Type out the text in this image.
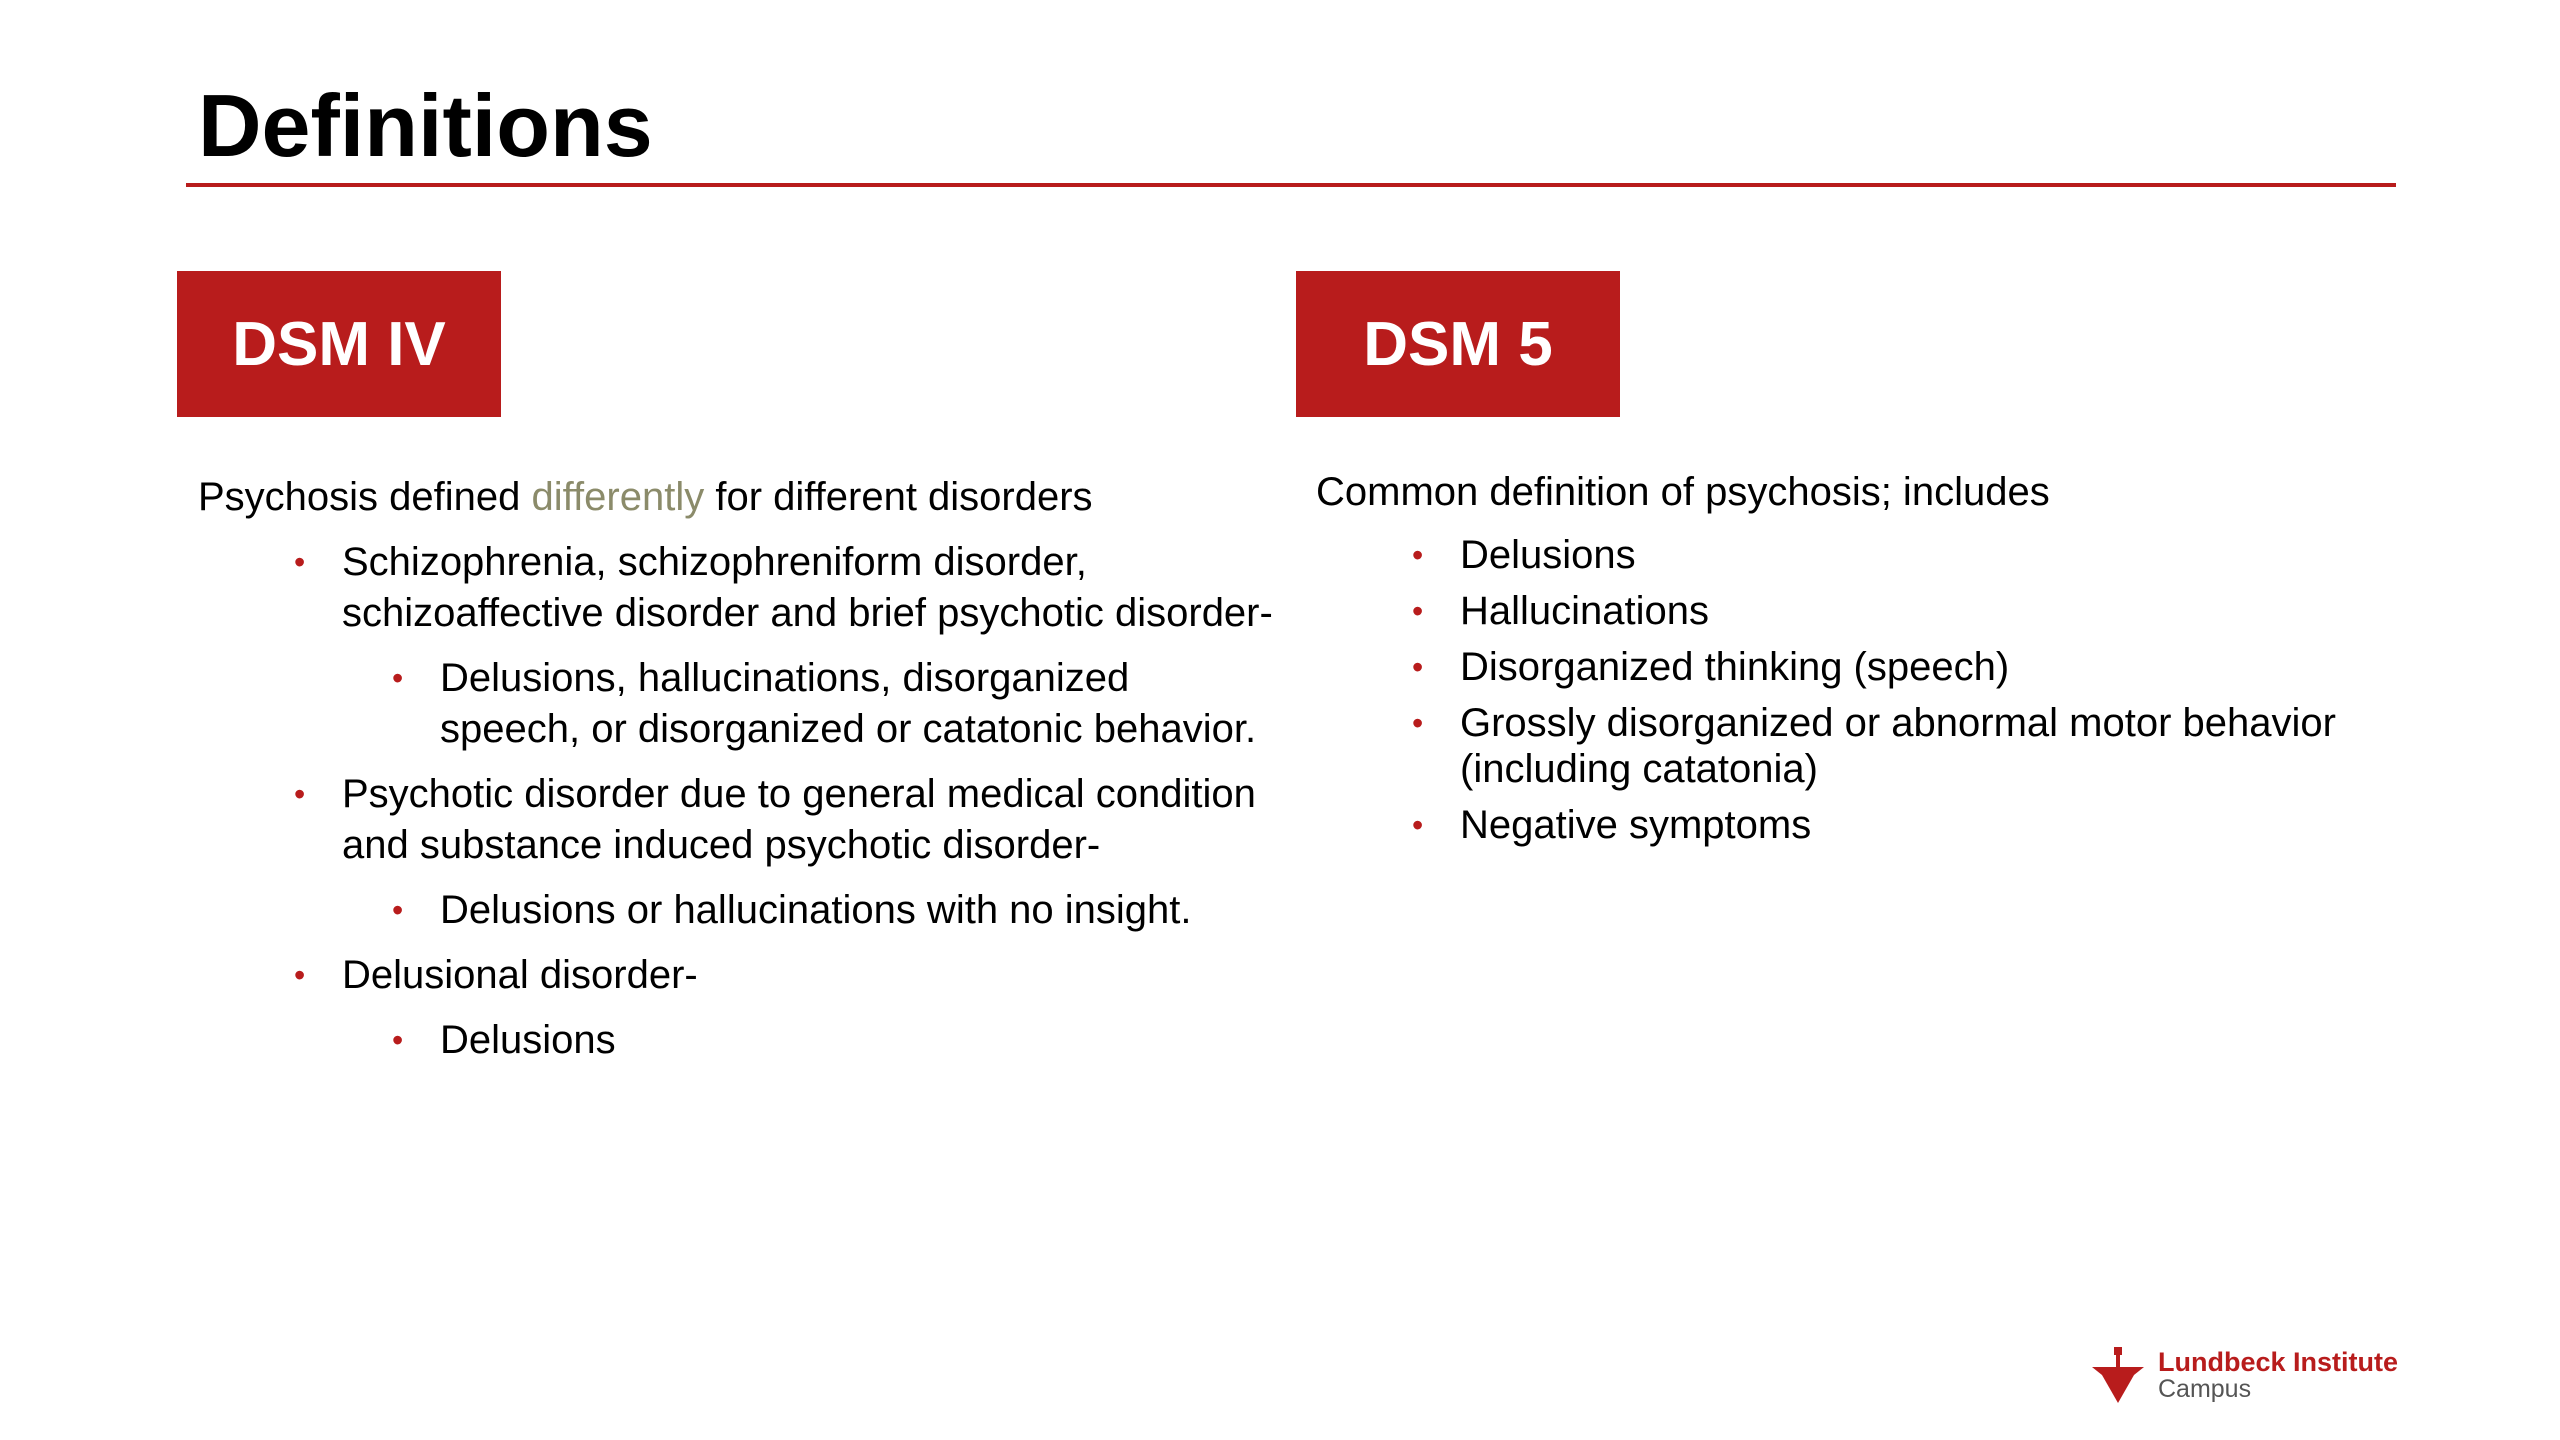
Definitions
DSM IV	DSM 5

Psychosis defined differently for different disorders

• Schizophrenia, schizophreniform disorder, schizoaffective disorder and brief psychotic disorder-
• Delusions, hallucinations, disorganized speech, or disorganized or catatonic behavior.
• Psychotic disorder due to general medical condition and substance induced psychotic disorder-
• Delusions or hallucinations with no insight.
• Delusional disorder-
• Delusions

Common definition of psychosis; includes

• Delusions
• Hallucinations
• Disorganized thinking (speech)
• Grossly disorganized or abnormal motor behavior (including catatonia)
• Negative symptoms
Lundbeck Institute
Campus
